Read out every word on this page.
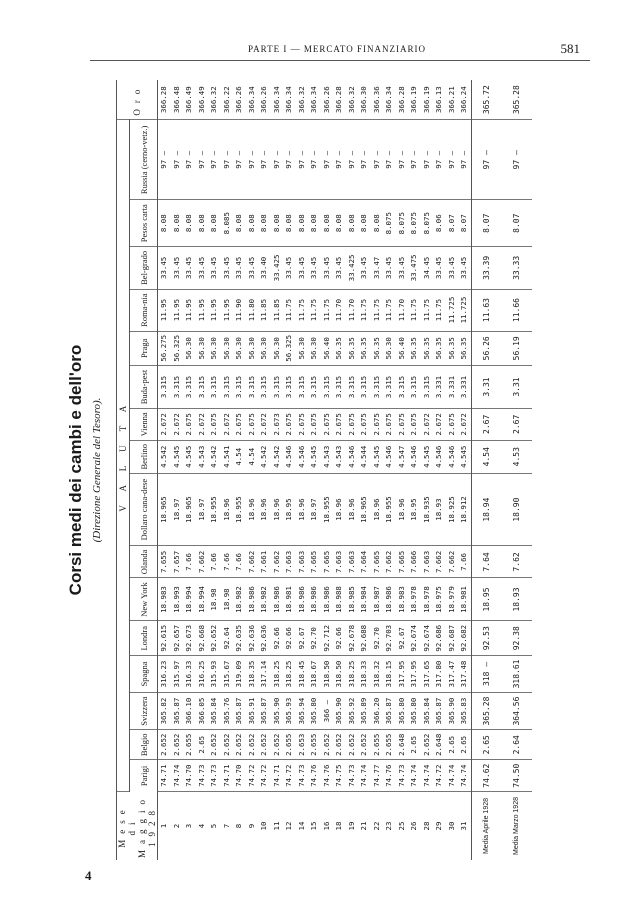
PARTE I — MERCATO FINANZIARIO	581
Corsi medi dei cambi e dell'oro (Direzione Generale del Tesoro).
Mese di Maggio 1928	V A L U T A																Oro
	Parigi	Belgio	Svizzera	Spagna	Londra	New York	Olanda	Dollaro cana-dese	Berlino	Vienna	Buda-pest	Praga	Roma-nia	Bel-grado	Pesos carta	Russia (cerno-vetz.)	
1	74.71	2.652	365.82	316.23	92.615	18.983	7.655	18.965	4.542	2.672	3.315	56.275	11.95	33.45	8.08	97 —	366.28
2	74.74	2.652	365.87	315.97	92.657	18.993	7.657	18.97	4.545	2.672	3.315	56.325	11.95	33.45	8.08	97 —	366.48
3	74.70	2.655	366.10	316.33	92.673	18.994	7.66	18.965	4.545	2.675	3.315	56.30	11.95	33.45	8.08	97 —	366.49
4	74.73	2.65	366.05	316.25	92.668	18.994	7.662	18.97	4.543	2.672	3.315	56.30	11.95	33.45	8.08	97 —	366.49
5	74.73	2.652	365.84	315.93	92.652	18.98	7.66	18.955	4.542	2.675	3.315	56.30	11.95	33.45	8.08	97 —	366.32
7	74.71	2.652	365.76	315.67	92.64	18.98	7.66	18.96	4.541	2.672	3.315	56.30	11.95	33.45	8.085	97 —	366.22
8	74.70	2.652	365.87	319.09	92.635	18.982	7.66	18.955	4.54	2.675	3.315	56.30	11.90	33.45	8.08	97 —	366.26
9	74.72	2.652	365.91	318.35	92.636	18.986	7.662	18.96	4.54	2.675	3.315	56.30	11.80	33.45	8.08	97 —	366.34
10	74.72	2.652	365.87	317.14	92.636	18.982	7.661	18.96	4.542	2.672	3.315	56.30	11.85	33.40	8.08	97 —	366.26
11	74.71	2.652	365.90	318.25	92.66	18.986	7.662	18.96	4.542	2.673	3.315	56.30	11.85	33.425	8.08	97 —	366.34
12	74.72	2.655	365.93	318.25	92.66	18.981	7.663	18.95	4.546	2.675	3.315	56.325	11.75	33.45	8.08	97 —	366.34
14	74.73	2.653	365.94	318.45	92.67	18.986	7.663	18.96	4.546	2.675	3.315	56.30	11.75	33.45	8.08	97 —	366.32
15	74.76	2.655	365.80	318.67	92.70	18.986	7.665	18.97	4.545	2.675	3.315	56.30	11.75	33.45	8.08	97 —	366.34
16	74.76	2.652	366 —	318.50	92.712	18.986	7.665	18.955	4.543	2.675	3.315	56.40	11.75	33.45	8.08	97 —	366.26
18	74.75	2.652	365.90	318.50	92.66	18.988	7.663	18.96	4.543	2.675	3.315	56.35	11.70	33.45	8.08	97 —	366.28
19	74.73	2.652	365.92	318.25	92.678	18.985	7.663	18.96	4.546	2.675	3.315	56.35	11.70	33.425	8.08	97 —	366.32
21	74.74	2.652	365.89	318.33	92.688	18.984	7.664	18.965	4.544	2.675	3.315	56.35	11.75	33.45	8.08	97 —	366.30
22	74.77	2.655	366.20	318.32	92.70	18.987	7.665	18.96	4.545	2.675	3.315	56.35	11.75	33.47	8.08	97 —	366.36
23	74.76	2.655	365.87	318.15	92.703	18.986	7.662	18.955	4.546	2.675	3.315	56.30	11.75	33.45	8.075	97 —	366.34
25	74.73	2.648	365.80	317.95	92.67	18.983	7.665	18.96	4.547	2.675	3.315	56.40	11.70	33.45	8.075	97 —	366.28
26	74.74	2.65	365.80	317.95	92.674	18.978	7.666	18.95	4.546	2.675	3.315	56.35	11.75	33.475	8.075	97 —	366.19
28	74.74	2.652	365.84	317.65	92.674	18.978	7.663	18.935	4.545	2.672	3.315	56.35	11.75	34.45	8.075	97 —	366.19
29	74.72	2.648	365.87	317.80	92.686	18.975	7.662	18.93	4.546	2.672	3.331	56.35	11.75	33.45	8.06	97 —	366.13
30	74.74	2.65	365.90	317.47	92.687	18.979	7.662	18.925	4.546	2.675	3.331	56.35	11.725	33.45	8.07	97 —	366.21
31	74.74	2.65	365.83	317.48	92.682	18.981	7.66	18.912	4.545	2.672	3.331	56.35	11.725	33.45	8.07	97 —	366.24
Media Aprile 1928	74.62	2.65	365.28	318 —	92.53	18.95	7.64	18.94	4.54	2.67	3.31	56.26	11.63	33.39	8.07	97 —	365.72
Media Marzo 1928	74.50	2.64	364.56	318.61	92.38	18.93	7.62	18.90	4.53	2.67	3.31	56.19	11.66	33.33	8.07	97 —	365.28
4
